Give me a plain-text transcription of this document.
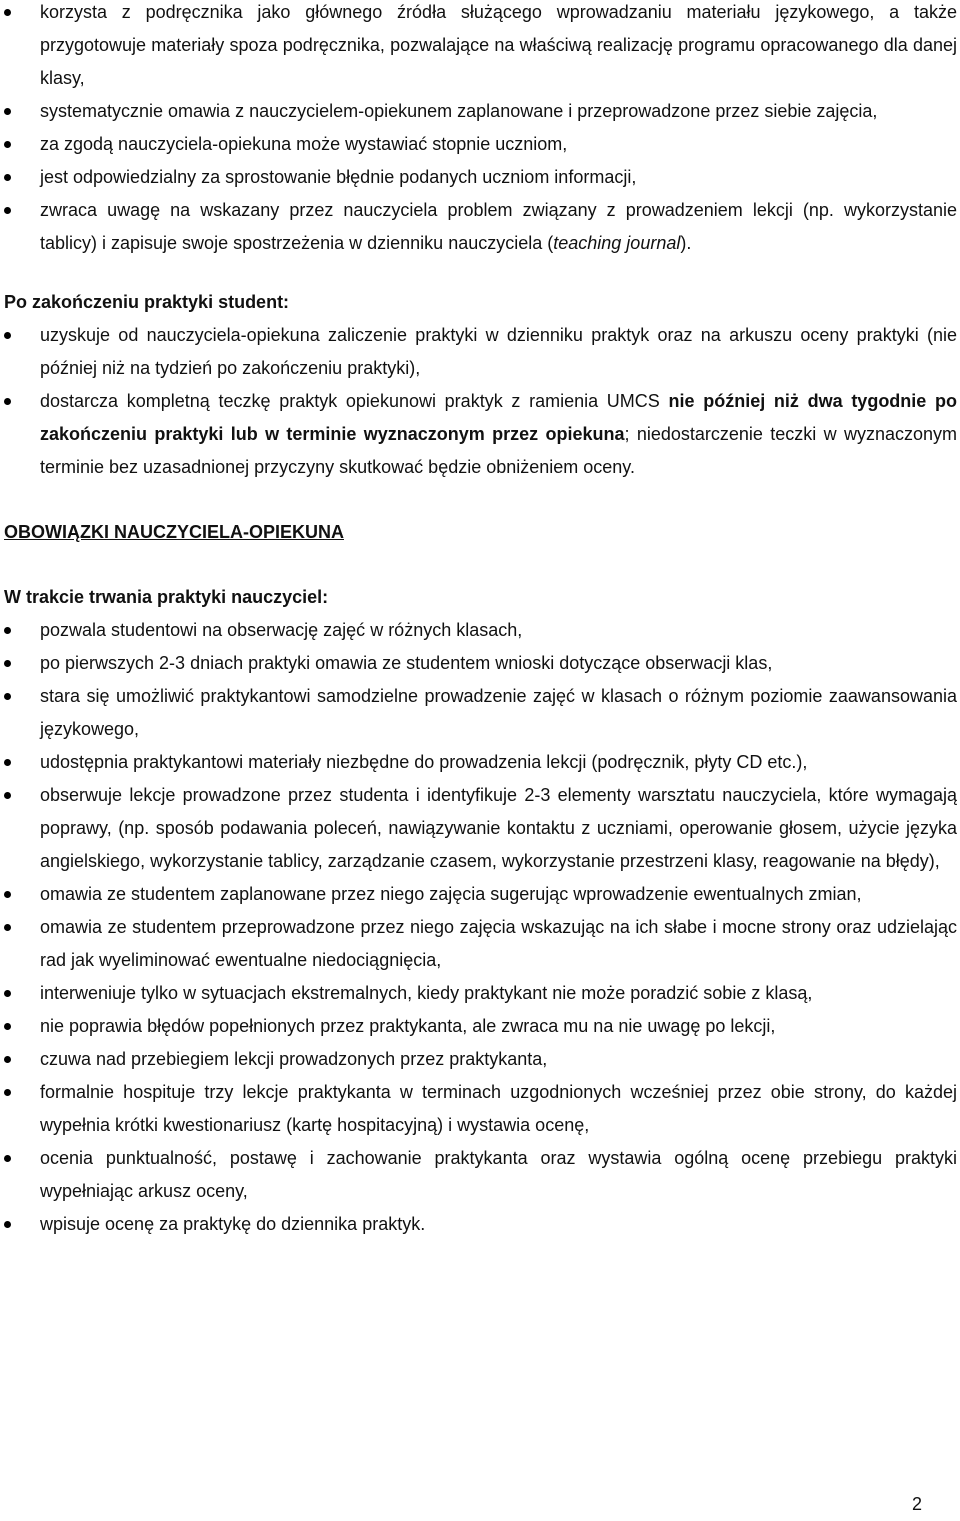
korzysta z podręcznika jako głównego źródła służącego wprowadzaniu materiału językowego, a także przygotowuje materiały spoza podręcznika, pozwalające na właściwą realizację programu opracowanego dla danej klasy,
systematycznie omawia z nauczycielem-opiekunem zaplanowane i przeprowadzone przez siebie zajęcia,
za zgodą nauczyciela-opiekuna może wystawiać stopnie uczniom,
jest odpowiedzialny za sprostowanie błędnie podanych uczniom informacji,
zwraca uwagę na wskazany przez nauczyciela problem związany z prowadzeniem lekcji (np. wykorzystanie tablicy) i zapisuje swoje spostrzeżenia w dzienniku nauczyciela (teaching journal).
Po zakończeniu praktyki student:
uzyskuje od nauczyciela-opiekuna zaliczenie praktyki w dzienniku praktyk oraz na arkuszu oceny praktyki (nie później niż na tydzień po zakończeniu praktyki),
dostarcza kompletną teczkę praktyk opiekunowi praktyk z ramienia UMCS nie później niż dwa tygodnie po zakończeniu praktyki lub w terminie wyznaczonym przez opiekuna; niedostarczenie teczki w wyznaczonym terminie bez uzasadnionej przyczyny skutkować będzie obniżeniem oceny.
OBOWIĄZKI NAUCZYCIELA-OPIEKUNA
W trakcie trwania praktyki nauczyciel:
pozwala studentowi na obserwację zajęć w różnych klasach,
po pierwszych 2-3 dniach praktyki omawia ze studentem wnioski dotyczące obserwacji klas,
stara się umożliwić praktykantowi samodzielne prowadzenie zajęć w klasach o różnym poziomie zaawansowania językowego,
udostępnia praktykantowi materiały niezbędne do prowadzenia lekcji (podręcznik, płyty CD etc.),
obserwuje lekcje prowadzone przez studenta i identyfikuje 2-3 elementy warsztatu nauczyciela, które wymagają poprawy, (np. sposób podawania poleceń, nawiązywanie kontaktu z uczniami, operowanie głosem, użycie języka angielskiego, wykorzystanie tablicy, zarządzanie czasem, wykorzystanie przestrzeni klasy, reagowanie na błędy),
omawia ze studentem zaplanowane przez niego zajęcia sugerując wprowadzenie ewentualnych zmian,
omawia ze studentem przeprowadzone przez niego zajęcia wskazując na ich słabe i mocne strony oraz udzielając rad jak wyeliminować ewentualne niedociągnięcia,
interweniuje tylko w sytuacjach ekstremalnych, kiedy praktykant nie może poradzić sobie z klasą,
nie poprawia błędów popełnionych przez praktykanta, ale zwraca mu na nie uwagę po lekcji,
czuwa nad przebiegiem lekcji prowadzonych przez praktykanta,
formalnie hospituje trzy lekcje praktykanta w terminach uzgodnionych wcześniej przez obie strony, do każdej wypełnia krótki kwestionariusz (kartę hospitacyjną) i wystawia ocenę,
ocenia punktualność, postawę i zachowanie praktykanta oraz wystawia ogólną ocenę przebiegu praktyki wypełniając arkusz oceny,
wpisuje ocenę za praktykę do dziennika praktyk.
2
